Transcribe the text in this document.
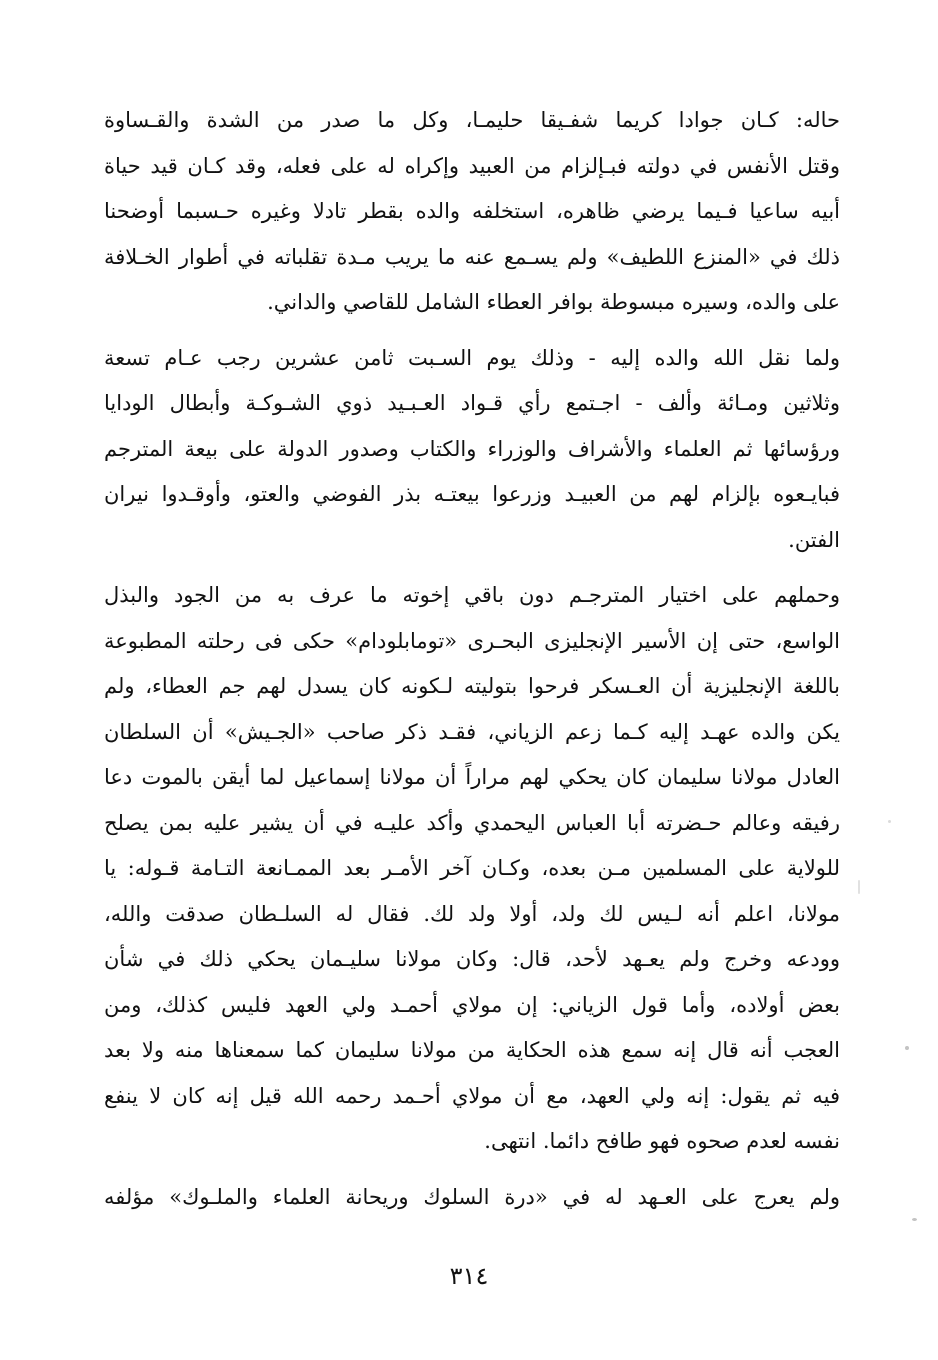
حاله: كـان جوادا كريما شفـيقا حليمـا، وكل ما صدر من الشدة والقـساوة
وقتل الأنفس في دولته فبـإلزام من العبيد وإكراه له على فعله، وقد كـان قيد حياة
أبيه ساعيا فـيما يرضي ظاهره، استخلفه والده بقطر تادلا وغيره حـسبما أوضحنا
ذلك في «المنزع اللطيف» ولم يسـمع عنه ما يريب مـدة تقلباته في أطوار الخـلافة
على والده، وسيره مبسوطة بوافر العطاء الشامل للقاصي والداني.
ولما نقل الله والده إليه - وذلك يوم السـبت ثامن عشرين رجب عـام تسعة
وثلاثين ومـائة وألف - اجـتمع رأي قـواد العـبـيد ذوي الشـوكـة وأبطال الودايا
ورؤسائها ثم العلماء والأشراف والوزراء والكتاب وصدور الدولة على بيعة المترجم
فبايـعوه بإلزام لهم من العبيـد وزرعوا بيعتـه بذر الفوضي والعتو، وأوقـدوا نيران
الفتن.
وحملهم على اختيار المترجـم دون باقي إخوته ما عرف به من الجود والبذل
الواسع، حتى إن الأسير الإنجليزى البحـرى «تومابلودام» حكى فى رحلته المطبوعة
باللغة الإنجليزية أن العـسكر فرحوا بتوليته لـكونه كان يسدل لهم جم العطاء، ولم
يكن والده عهـد إليه كـما زعم الزياني، فقـد ذكر صاحب «الجـيش» أن السلطان
العادل مولانا سليمان كان يحكي لهم مراراً أن مولانا إسماعيل لما أيقن بالموت دعا
رفيقه وعالم حـضرته أبا العباس اليحمدي وأكد عليـه في أن يشير عليه بمن يصلح
للولاية على المسلمين مـن بعده، وكـان آخر الأمـر بعد الممـانعة التـامة قـوله: يا
مولانا، اعلم أنه لـيس لك ولد، أولا ولد لك. فقال له السلـطان صدقت والله،
وودعه وخرج ولم يعـهد لأحد، قال: وكان مولانا سليـمان يحكي ذلك في شأن
بعض أولاده، وأما قول الزياني: إن مولاي أحمـد ولي العهد فليس كذلك، ومن
العجب أنه قال إنه سمع هذه الحكاية من مولانا سليمان كما سمعناها منه ولا بعد
فيه ثم يقول: إنه ولي العهد، مع أن مولاي أحـمد رحمه الله قيل إنه كان لا ينفع
نفسه لعدم صحوه فهو طافح دائما. انتهى.
ولم يعرج على العـهد له في «درة السلوك وريحانة العلماء والملـوك» مؤلفه
٣١٤
